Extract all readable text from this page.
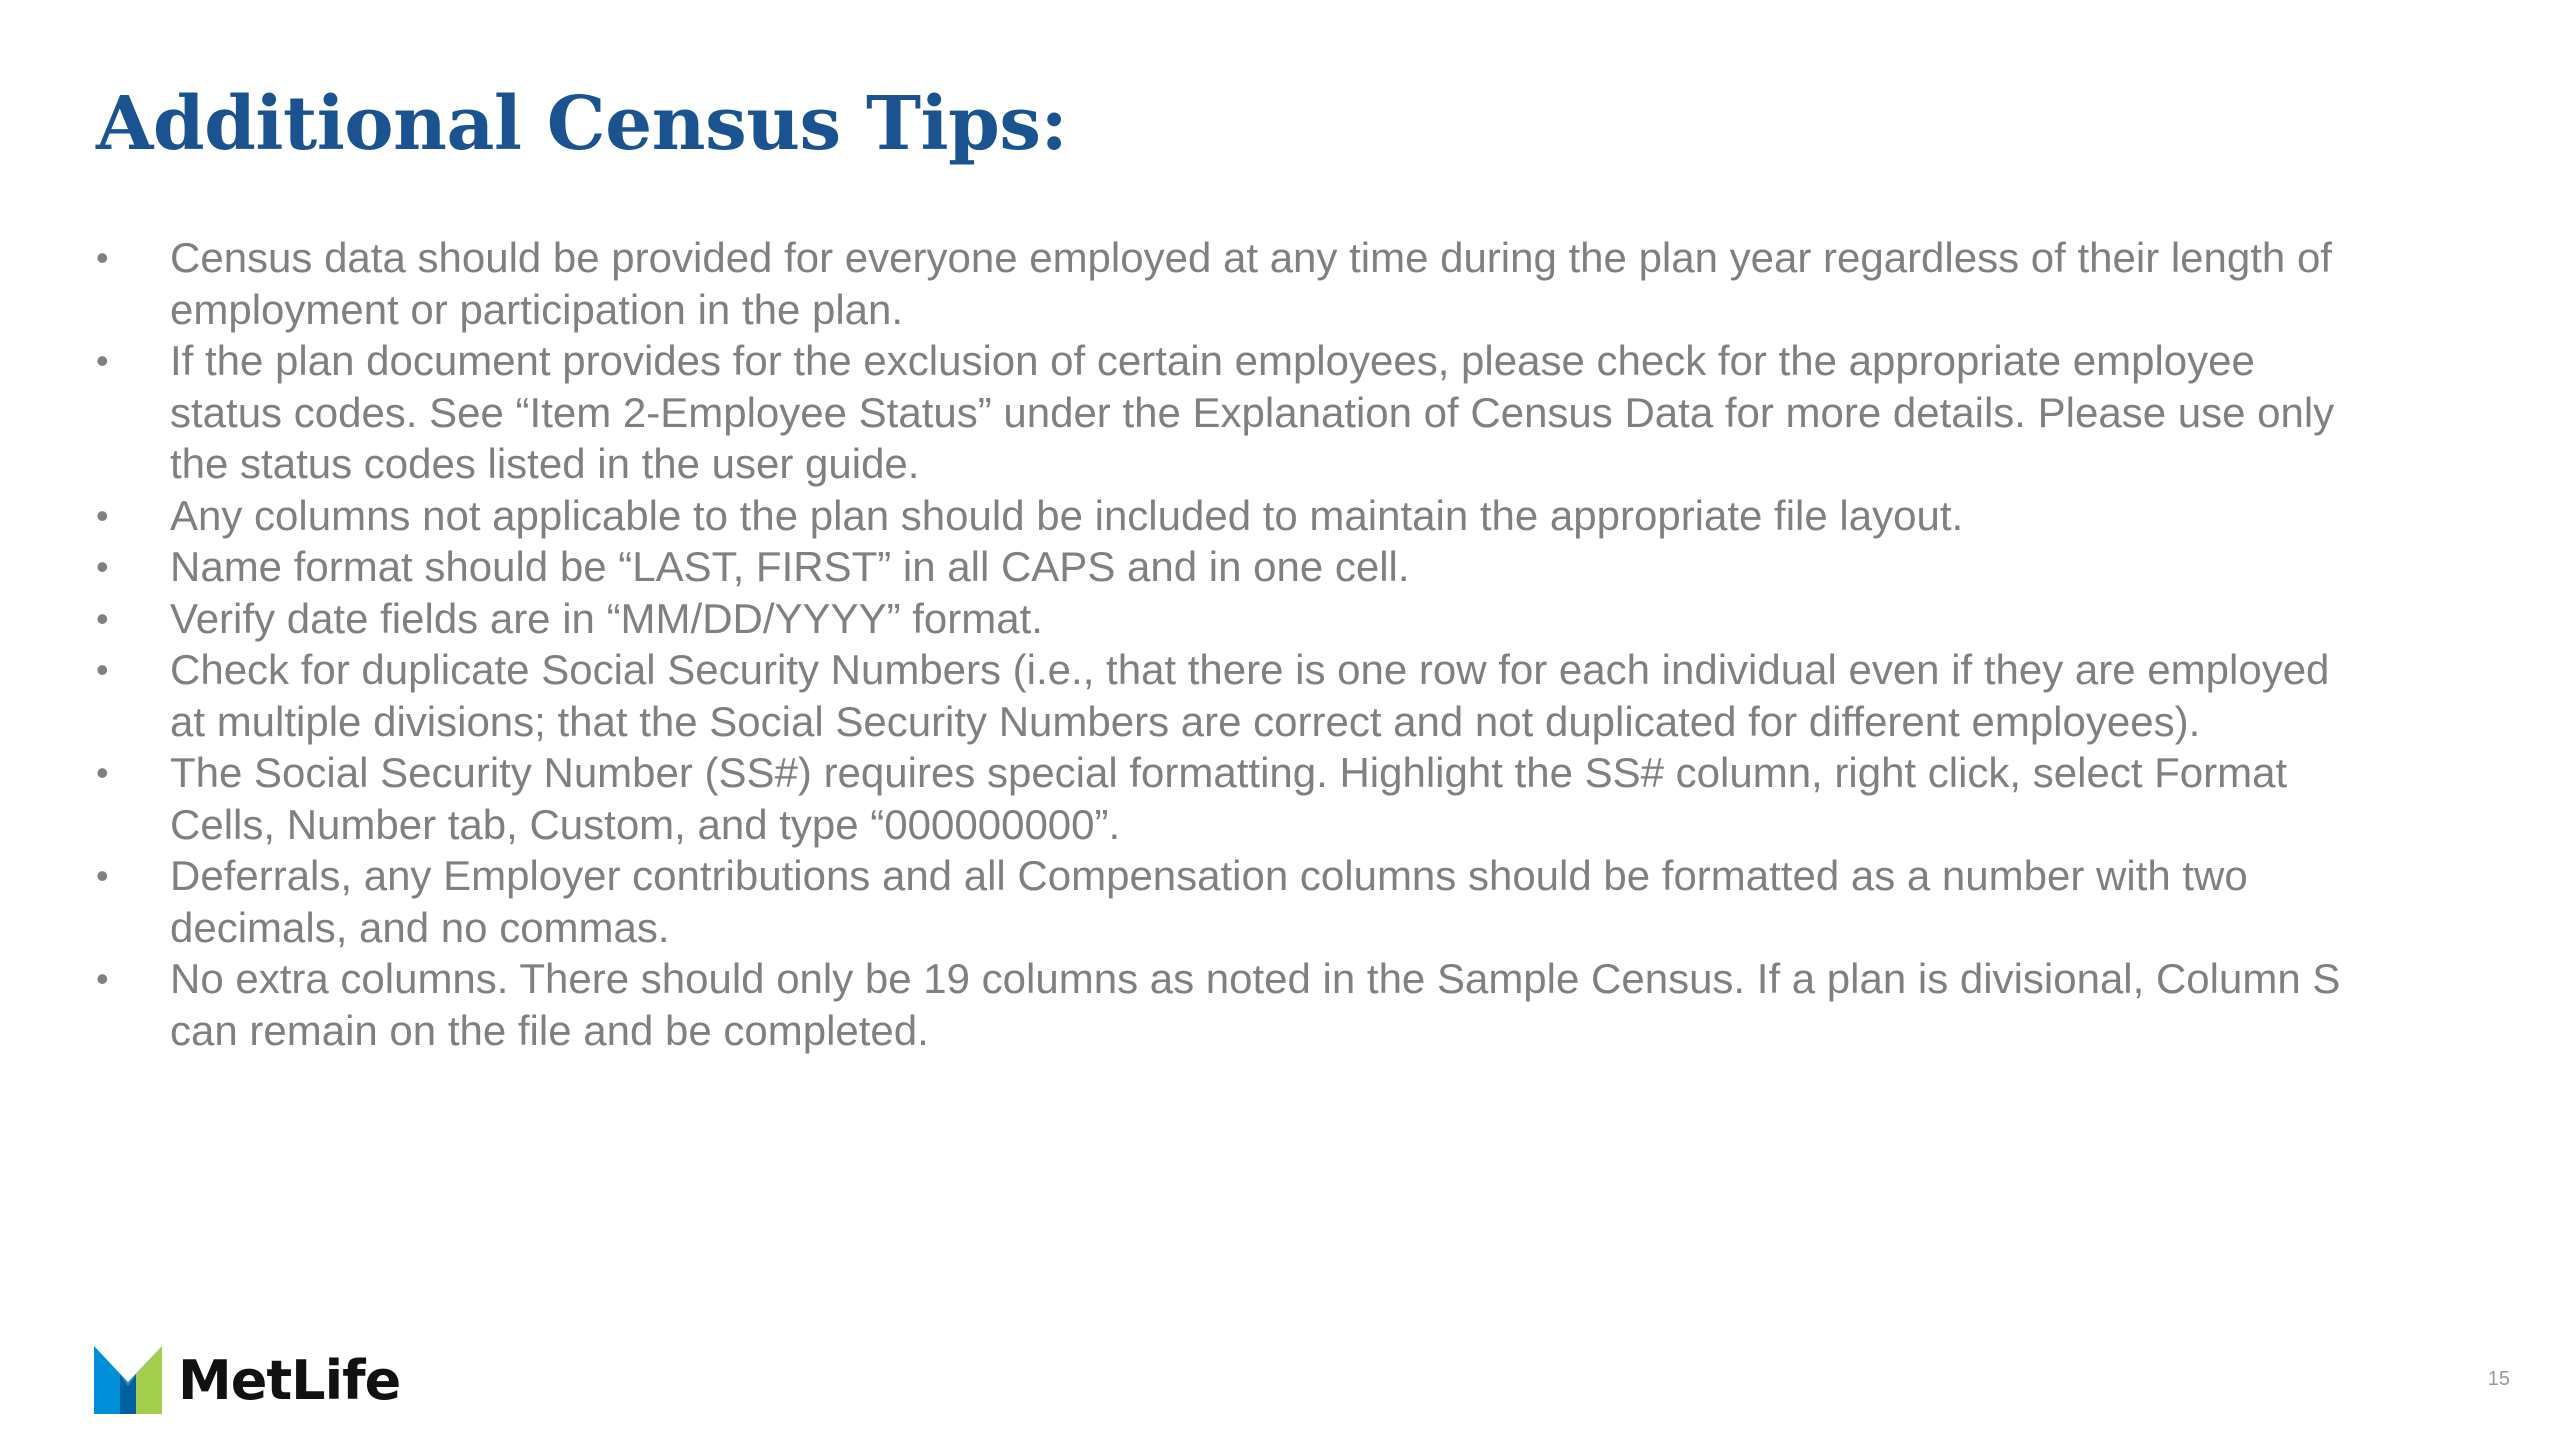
Additional Census Tips:
• Census data should be provided for everyone employed at any time during the plan year regardless of their length of employment or participation in the plan.
• If the plan document provides for the exclusion of certain employees, please check for the appropriate employee status codes. See “Item 2-Employee Status” under the Explanation of Census Data for more details. Please use only the status codes listed in the user guide.
• Any columns not applicable to the plan should be included to maintain the appropriate file layout.
• Name format should be “LAST, FIRST” in all CAPS and in one cell.
• Verify date fields are in “MM/DD/YYYY” format.
• Check for duplicate Social Security Numbers (i.e., that there is one row for each individual even if they are employed at multiple divisions; that the Social Security Numbers are correct and not duplicated for different employees).
• The Social Security Number (SS#) requires special formatting. Highlight the SS# column, right click, select Format Cells, Number tab, Custom, and type “000000000”.
• Deferrals, any Employer contributions and all Compensation columns should be formatted as a number with two decimals, and no commas.
• No extra columns. There should only be 19 columns as noted in the Sample Census. If a plan is divisional, Column S can remain on the file and be completed.
MetLife	15
